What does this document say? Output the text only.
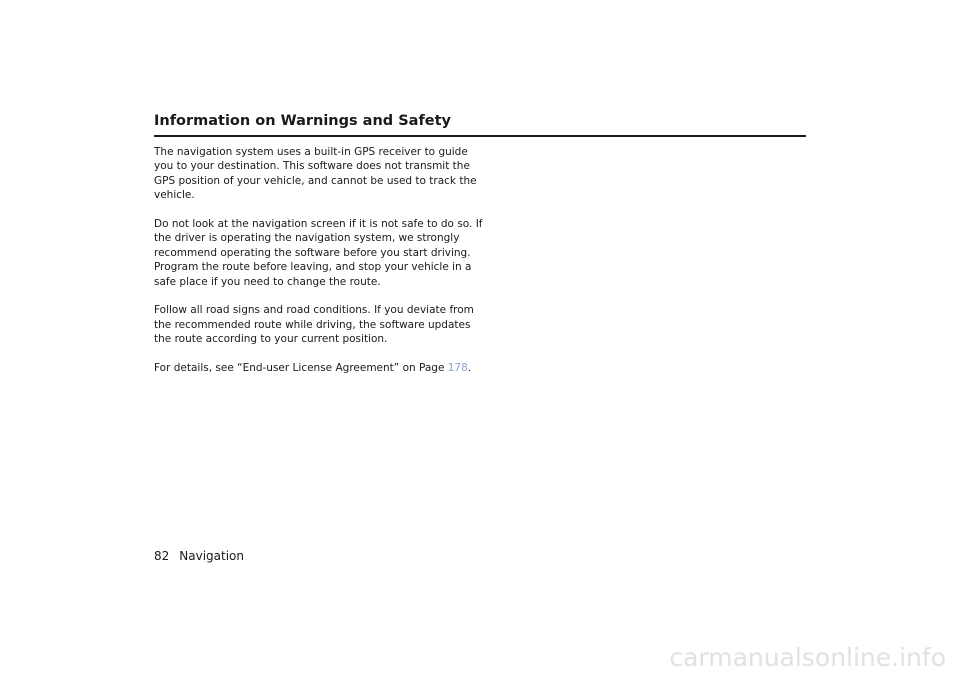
Information on Warnings and Safety

The navigation system uses a built-in GPS receiver to guide
you to your destination. This software does not transmit the
GPS position of your vehicle, and cannot be used to track the
vehicle.

Do not look at the navigation screen if it is not safe to do so. If
the driver is operating the navigation system, we strongly
recommend operating the software before you start driving.
Program the route before leaving, and stop your vehicle in a
safe place if you need to change the route.

Follow all road signs and road conditions. If you deviate from
the recommended route while driving, the software updates
the route according to your current position.

For details, see “End-user License Agreement” on Page 178.

82 Navigation
carmanualsonline.info
